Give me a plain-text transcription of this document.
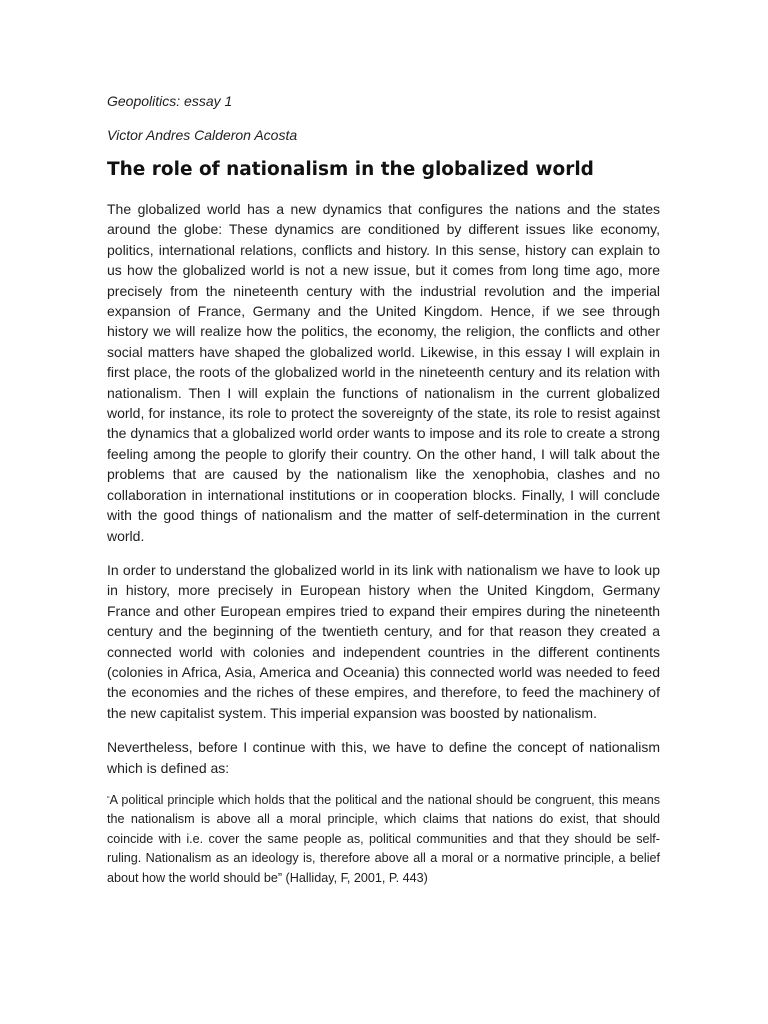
Geopolitics: essay 1

Victor Andres Calderon Acosta

The role of nationalism in the globalized world

The globalized world has a new dynamics that configures the nations and the states around the globe: These dynamics are conditioned by different issues like economy, politics, international relations, conflicts and history. In this sense, history can explain to us how the globalized world is not a new issue, but it comes from long time ago, more precisely from the nineteenth century with the industrial revolution and the imperial expansion of France, Germany and the United Kingdom. Hence, if we see through history we will realize how the politics, the economy, the religion, the conflicts and other social matters have shaped the globalized world. Likewise, in this essay I will explain in first place, the roots of the globalized world in the nineteenth century and its relation with nationalism. Then I will explain the functions of nationalism in the current globalized world, for instance, its role to protect the sovereignty of the state, its role to resist against the dynamics that a globalized world order wants to impose and its role to create a strong feeling among the people to glorify their country. On the other hand, I will talk about the problems that are caused by the nationalism like the xenophobia, clashes and no collaboration in international institutions or in cooperation blocks. Finally, I will conclude with the good things of nationalism and the matter of self-determination in the current world.

In order to understand the globalized world in its link with nationalism we have to look up in history, more precisely in European history when the United Kingdom, Germany France and other European empires tried to expand their empires during the nineteenth century and the beginning of the twentieth century, and for that reason they created a connected world with colonies and independent countries in the different continents (colonies in Africa, Asia, America and Oceania) this connected world was needed to feed the economies and the riches of these empires, and therefore, to feed the machinery of the new capitalist system. This imperial expansion was boosted by nationalism.

Nevertheless, before I continue with this, we have to define the concept of nationalism which is defined as:

“A political principle which holds that the political and the national should be congruent, this means the nationalism is above all a moral principle, which claims that nations do exist, that should coincide with i.e. cover the same people as, political communities and that they should be self-ruling. Nationalism as an ideology is, therefore above all a moral or a normative principle, a belief about how the world should be” (Halliday, F, 2001, P. 443)
